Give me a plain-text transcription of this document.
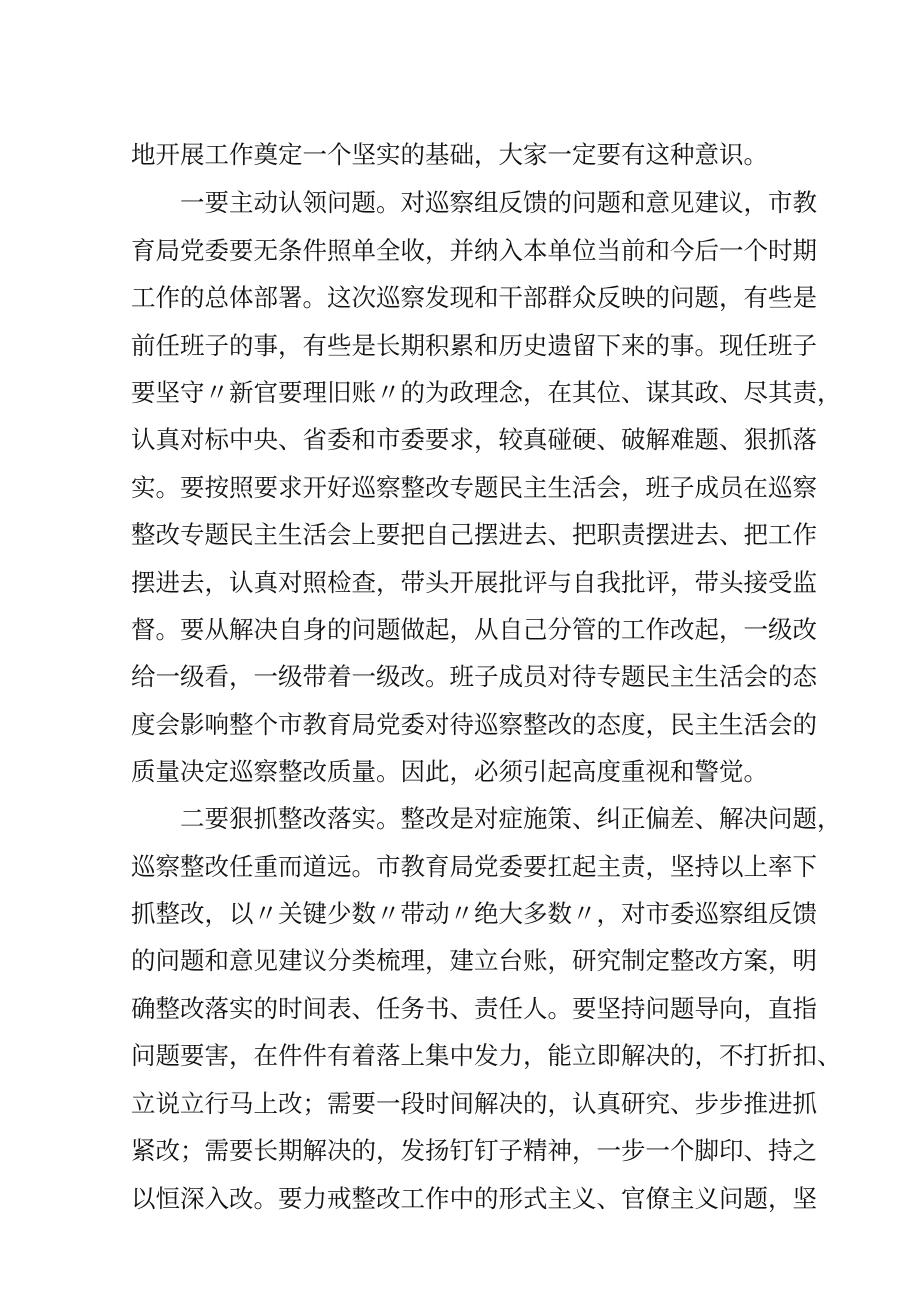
地开展工作奠定一个坚实的基础，大家一定要有这种意识。
一要主动认领问题。对巡察组反馈的问题和意见建议，市教
育局党委要无条件照单全收，并纳入本单位当前和今后一个时期
工作的总体部署。这次巡察发现和干部群众反映的问题，有些是
前任班子的事，有些是长期积累和历史遗留下来的事。现任班子
要坚守〃新官要理旧账〃的为政理念，在其位、谋其政、尽其责，
认真对标中央、省委和市委要求，较真碰硬、破解难题、狠抓落
实。要按照要求开好巡察整改专题民主生活会，班子成员在巡察
整改专题民主生活会上要把自己摆进去、把职责摆进去、把工作
摆进去，认真对照检查，带头开展批评与自我批评，带头接受监
督。要从解决自身的问题做起，从自己分管的工作改起，一级改
给一级看，一级带着一级改。班子成员对待专题民主生活会的态
度会影响整个市教育局党委对待巡察整改的态度，民主生活会的
质量决定巡察整改质量。因此，必须引起高度重视和警觉。
二要狠抓整改落实。整改是对症施策、纠正偏差、解决问题，
巡察整改任重而道远。市教育局党委要扛起主责，坚持以上率下
抓整改，以〃关键少数〃带动〃绝大多数〃，对市委巡察组反馈
的问题和意见建议分类梳理，建立台账，研究制定整改方案，明
确整改落实的时间表、任务书、责任人。要坚持问题导向，直指
问题要害，在件件有着落上集中发力，能立即解决的，不打折扣、
立说立行马上改；需要一段时间解决的，认真研究、步步推进抓
紧改；需要长期解决的，发扬钉钉子精神，一步一个脚印、持之
以恒深入改。要力戒整改工作中的形式主义、官僚主义问题，坚
